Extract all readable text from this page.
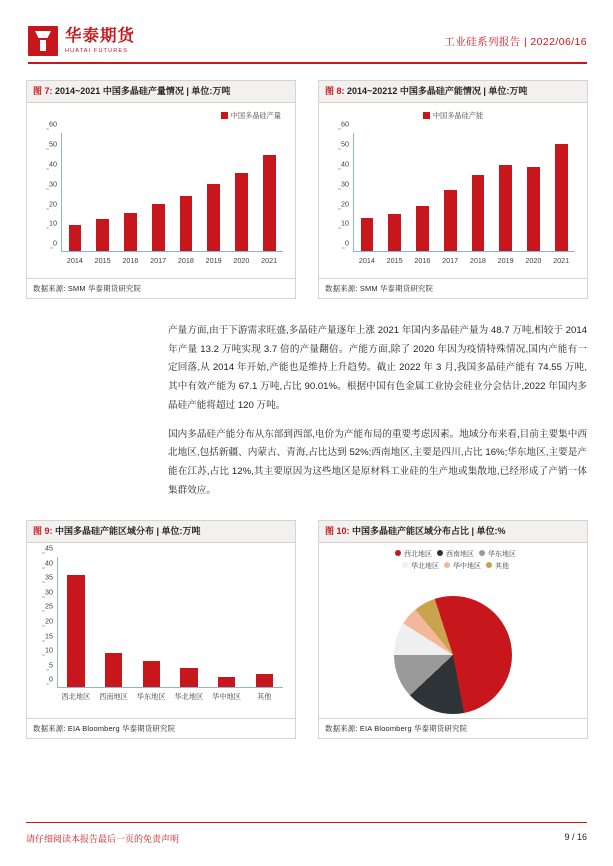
华泰期货
HUATAI FUTURES
工业硅系列报告 | 2022/06/16
图 7: 2014~2021 中国多晶硅产量情况 | 单位:万吨
中国多晶硅产量
2014	2015	2016	2017	2018	2019	2020	2021
0
10
20
30
40
50
60
数据来源: SMM 华泰期货研究院
图 8: 2014~20212 中国多晶硅产能情况 | 单位:万吨
中国多晶硅产能
2014	2015	2016	2017	2018	2019	2020	2021
0
10
20
30
40
50
60
数据来源: SMM 华泰期货研究院

产量方面,由于下游需求旺盛,多晶硅产量逐年上涨 2021 年国内多晶硅产量为 48.7 万吨,相较于 2014 年产量 13.2 万吨实现 3.7 倍的产量翻倍。产能方面,除了 2020 年因为疫情特殊情况,国内产能有一定回落,从 2014 年开始,产能也是维持上升趋势。截止 2022 年 3 月,我国多晶硅产能有 74.55 万吨,其中有效产能为 67.1 万吨,占比 90.01%。根据中国有色金属工业协会硅业分会估计,2022 年国内多晶硅产能将超过 120 万吨。

国内多晶硅产能分布从东部到西部,电价为产能布局的重要考虑因素。地域分布来看,目前主要集中西北地区,包括新疆、内蒙古、青海,占比达到 52%;西南地区,主要是四川,占比 16%;华东地区,主要是产能在江苏,占比 12%,其主要原因为这些地区是原材料工业硅的生产地或集散地,已经形成了产销一体集群效应。

图 9: 中国多晶硅产能区域分布 | 单位:万吨
西北地区	西南地区	华东地区	华北地区	华中地区	其他
0
5
10
15
20
25
30
35
40
45
数据来源: EIA Bloomberg 华泰期货研究院
图 10: 中国多晶硅产能区域分布占比 | 单位:%
西北地区 西南地区 华东地区
华北地区 华中地区 其他
数据来源: EIA Bloomberg 华泰期货研究院
请仔细阅读本报告最后一页的免责声明	9 / 16
